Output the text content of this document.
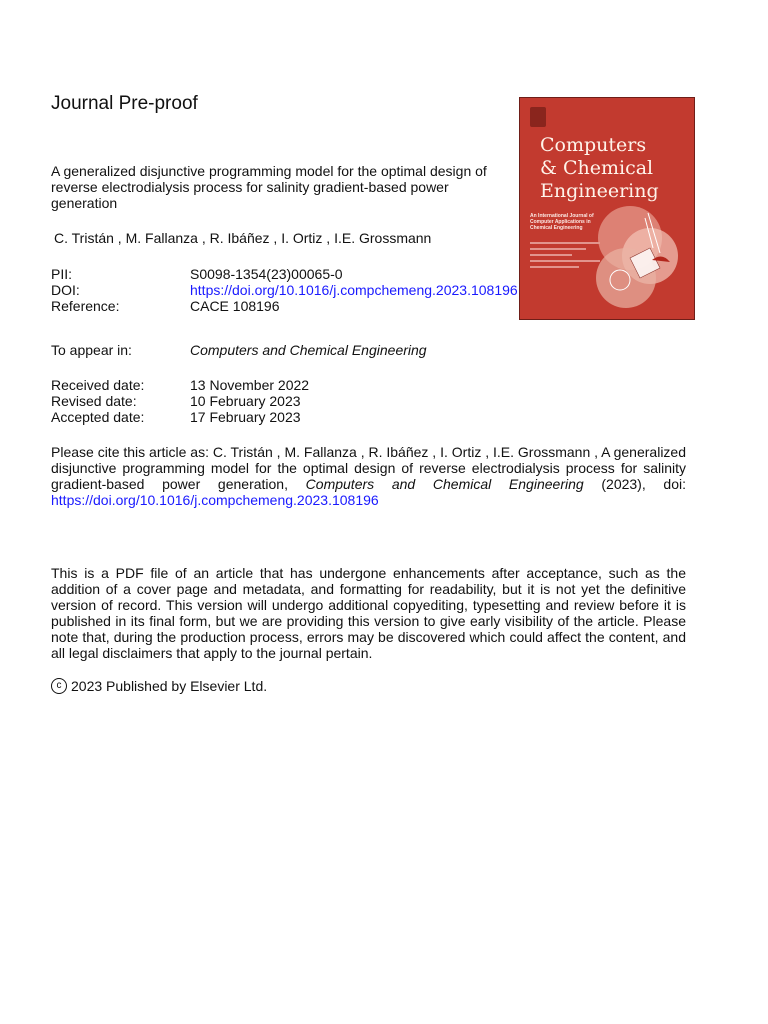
Journal Pre-proof
A generalized disjunctive programming model for the optimal design of reverse electrodialysis process for salinity gradient-based power generation
C. Tristán , M. Fallanza , R. Ibáñez , I. Ortiz , I.E. Grossmann
PII:	S0098-1354(23)00065-0
DOI:	https://doi.org/10.1016/j.compchemeng.2023.108196
Reference:	CACE 108196
To appear in:	Computers and Chemical Engineering
Received date:	13 November 2022
Revised date:	10 February 2023
Accepted date:	17 February 2023
Please cite this article as: C. Tristán , M. Fallanza , R. Ibáñez , I. Ortiz , I.E. Grossmann , A generalized disjunctive programming model for the optimal design of reverse electrodialysis process for salinity gradient-based power generation, Computers and Chemical Engineering (2023), doi: https://doi.org/10.1016/j.compchemeng.2023.108196
This is a PDF file of an article that has undergone enhancements after acceptance, such as the addition of a cover page and metadata, and formatting for readability, but it is not yet the definitive version of record. This version will undergo additional copyediting, typesetting and review before it is published in its final form, but we are providing this version to give early visibility of the article. Please note that, during the production process, errors may be discovered which could affect the content, and all legal disclaimers that apply to the journal pertain.
c 2023 Published by Elsevier Ltd.
Computers
& Chemical
Engineering
An International Journal of Computer Applications in Chemical Engineering
